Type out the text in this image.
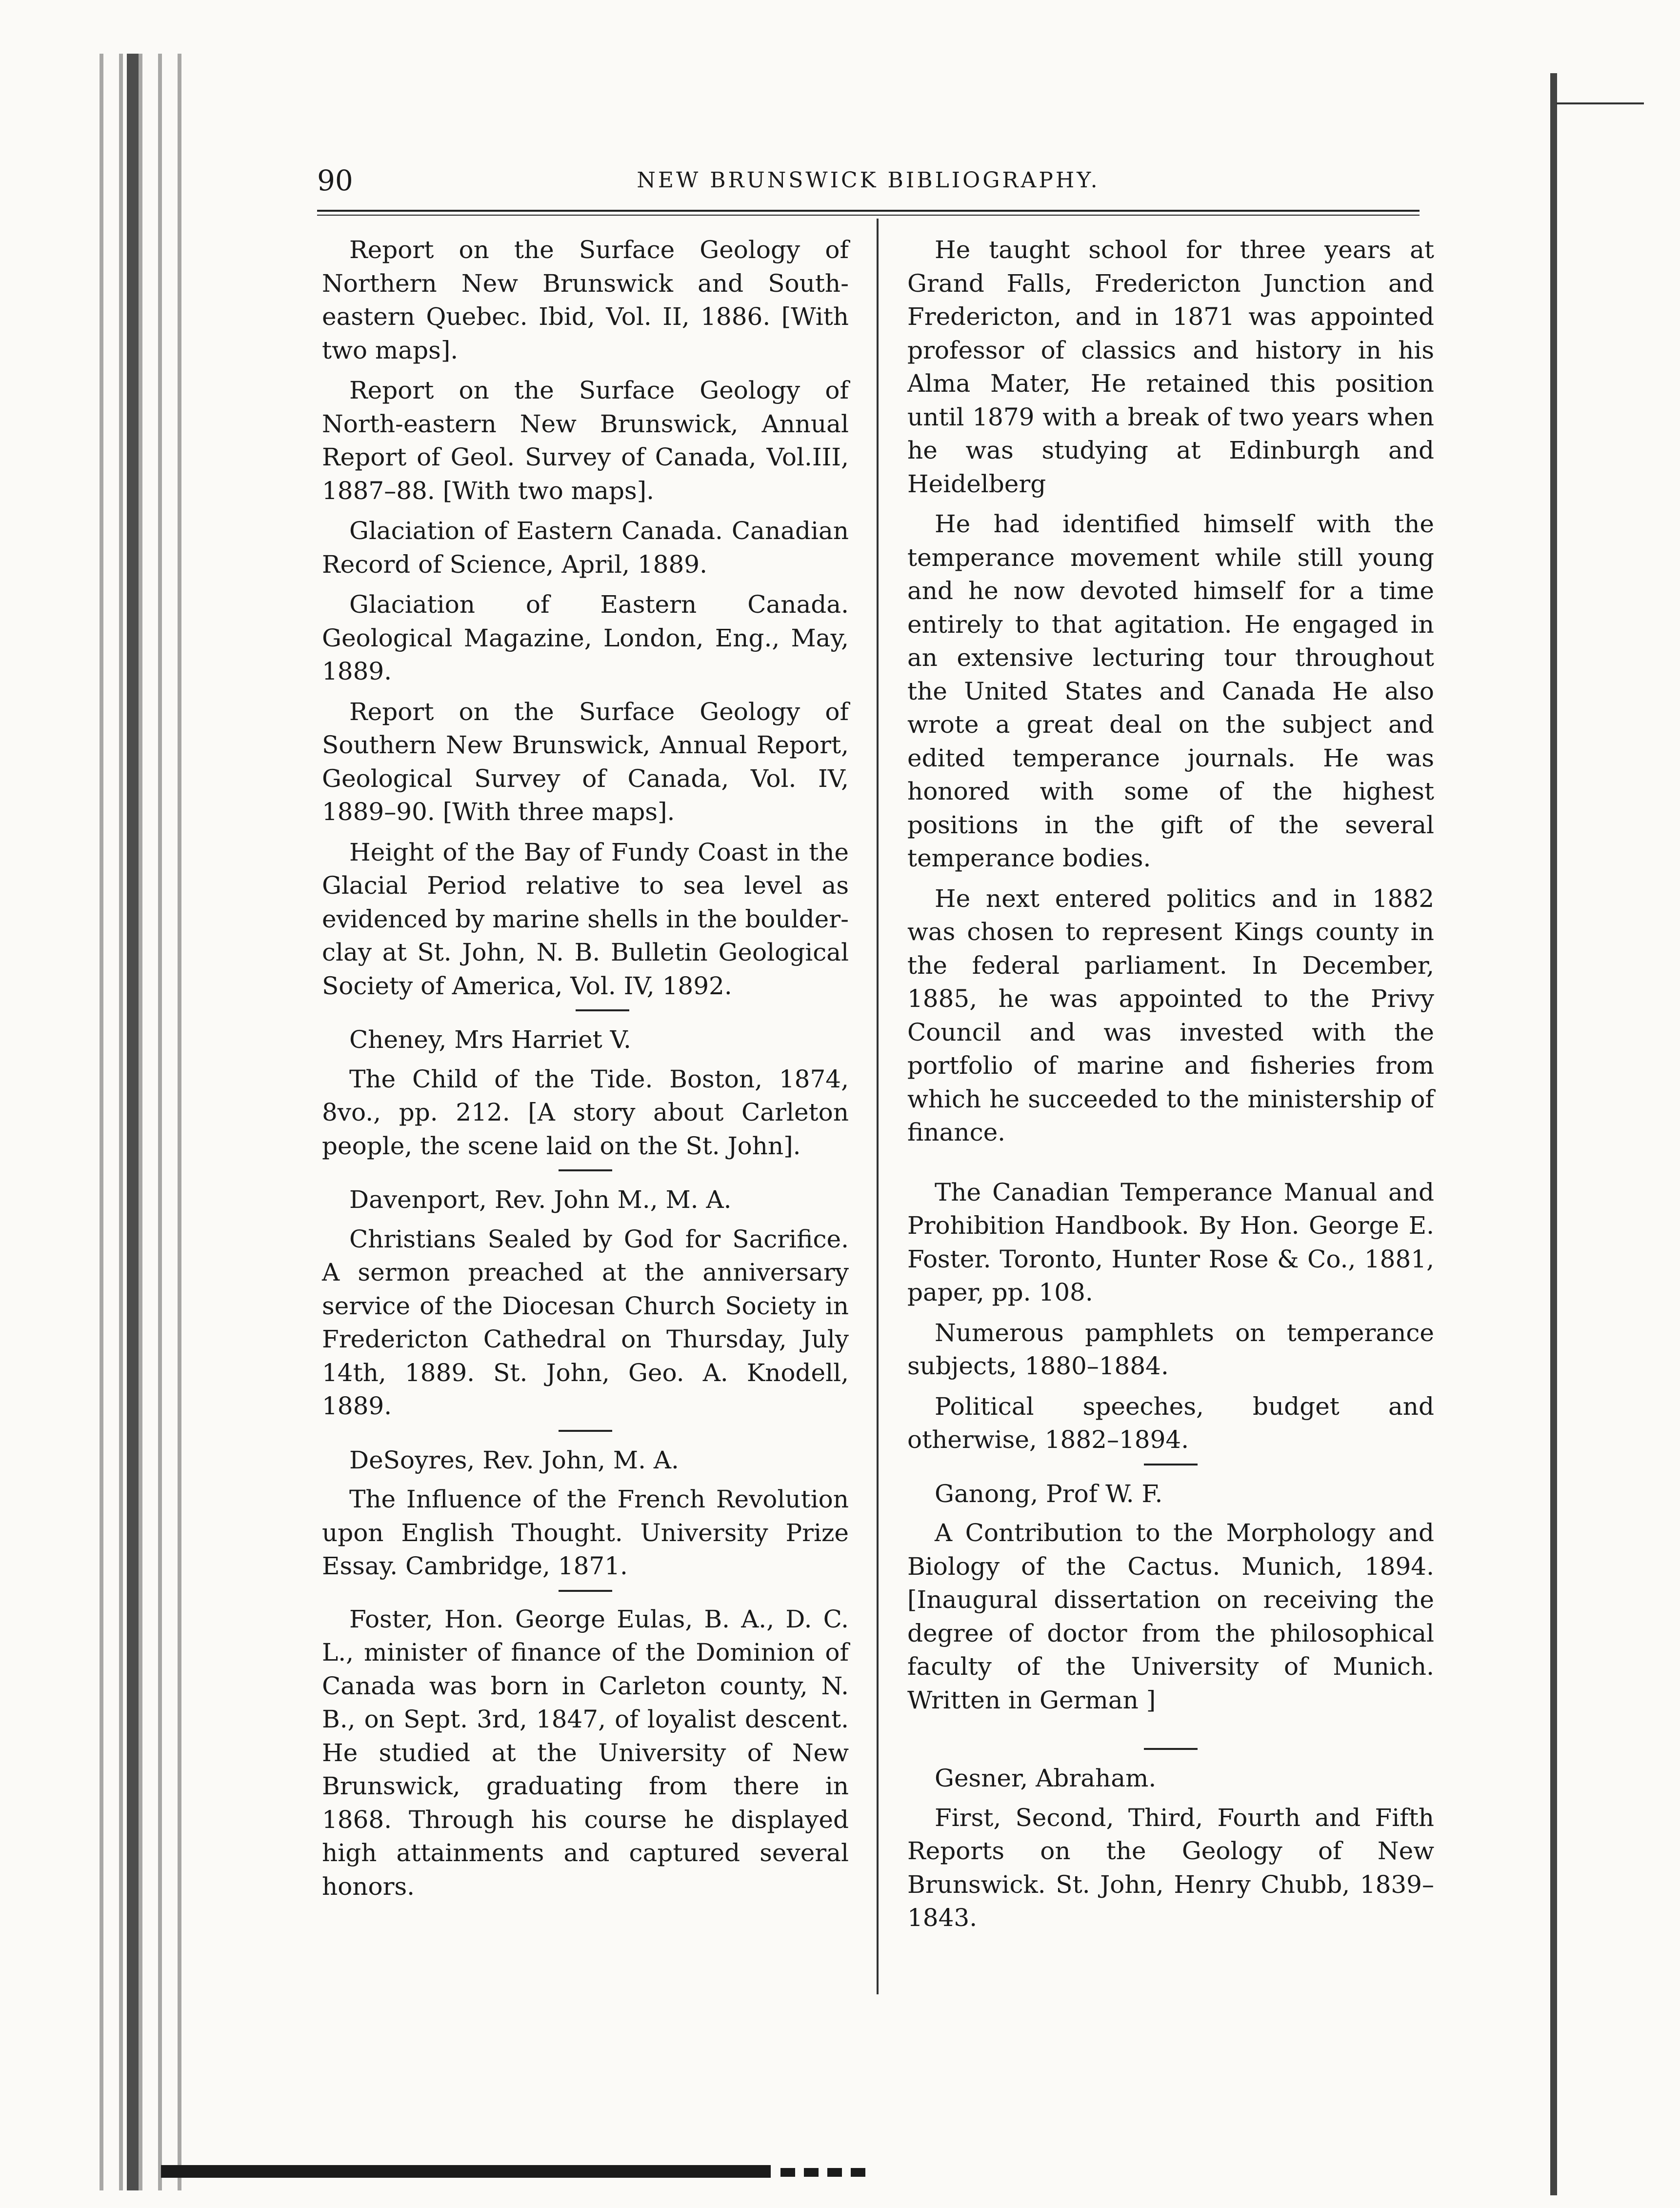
90	NEW BRUNSWICK BIBLIOGRAPHY.

Report on the Surface Geology of Northern New Brunswick and South-eastern Quebec. Ibid, Vol. II, 1886. [With two maps].

Report on the Surface Geology of North-eastern New Brunswick, Annual Report of Geol. Survey of Canada, Vol.III, 1887–88. [With two maps].

Glaciation of Eastern Canada. Canadian Record of Science, April, 1889.

Glaciation of Eastern Canada. Geological Magazine, London, Eng., May, 1889.

Report on the Surface Geology of Southern New Brunswick, Annual Report, Geological Survey of Canada, Vol. IV, 1889–90. [With three maps].

Height of the Bay of Fundy Coast in the Glacial Period relative to sea level as evidenced by marine shells in the boulder-clay at St. John, N. B. Bulletin Geological Society of America, Vol. IV, 1892.

Cheney, Mrs Harriet V.

The Child of the Tide. Boston, 1874, 8vo., pp. 212. [A story about Carleton people, the scene laid on the St. John].

Davenport, Rev. John M., M. A.

Christians Sealed by God for Sacrifice. A sermon preached at the anniversary service of the Diocesan Church Society in Fredericton Cathedral on Thursday, July 14th, 1889. St. John, Geo. A. Knodell, 1889.

DeSoyres, Rev. John, M. A.

The Influence of the French Revolution upon English Thought. University Prize Essay. Cambridge, 1871.

Foster, Hon. George Eulas, B. A., D. C. L., minister of finance of the Dominion of Canada was born in Carleton county, N. B., on Sept. 3rd, 1847, of loyalist descent. He studied at the University of New Brunswick, graduating from there in 1868. Through his course he displayed high attainments and captured several honors.

He taught school for three years at Grand Falls, Fredericton Junction and Fredericton, and in 1871 was appointed professor of classics and history in his Alma Mater, He retained this position until 1879 with a break of two years when he was studying at Edinburgh and Heidelberg

He had identified himself with the temperance movement while still young and he now devoted himself for a time entirely to that agitation. He engaged in an extensive lecturing tour throughout the United States and Canada He also wrote a great deal on the subject and edited temperance journals. He was honored with some of the highest positions in the gift of the several temperance bodies.

He next entered politics and in 1882 was chosen to represent Kings county in the federal parliament. In December, 1885, he was appointed to the Privy Council and was invested with the portfolio of marine and fisheries from which he succeeded to the ministership of finance.

The Canadian Temperance Manual and Prohibition Handbook. By Hon. George E. Foster. Toronto, Hunter Rose & Co., 1881, paper, pp. 108.

Numerous pamphlets on temperance subjects, 1880–1884.

Political speeches, budget and otherwise, 1882–1894.

Ganong, Prof W. F.

A Contribution to the Morphology and Biology of the Cactus. Munich, 1894. [Inaugural dissertation on receiving the degree of doctor from the philosophical faculty of the University of Munich. Written in German ]

Gesner, Abraham.

First, Second, Third, Fourth and Fifth Reports on the Geology of New Brunswick. St. John, Henry Chubb, 1839–1843.
